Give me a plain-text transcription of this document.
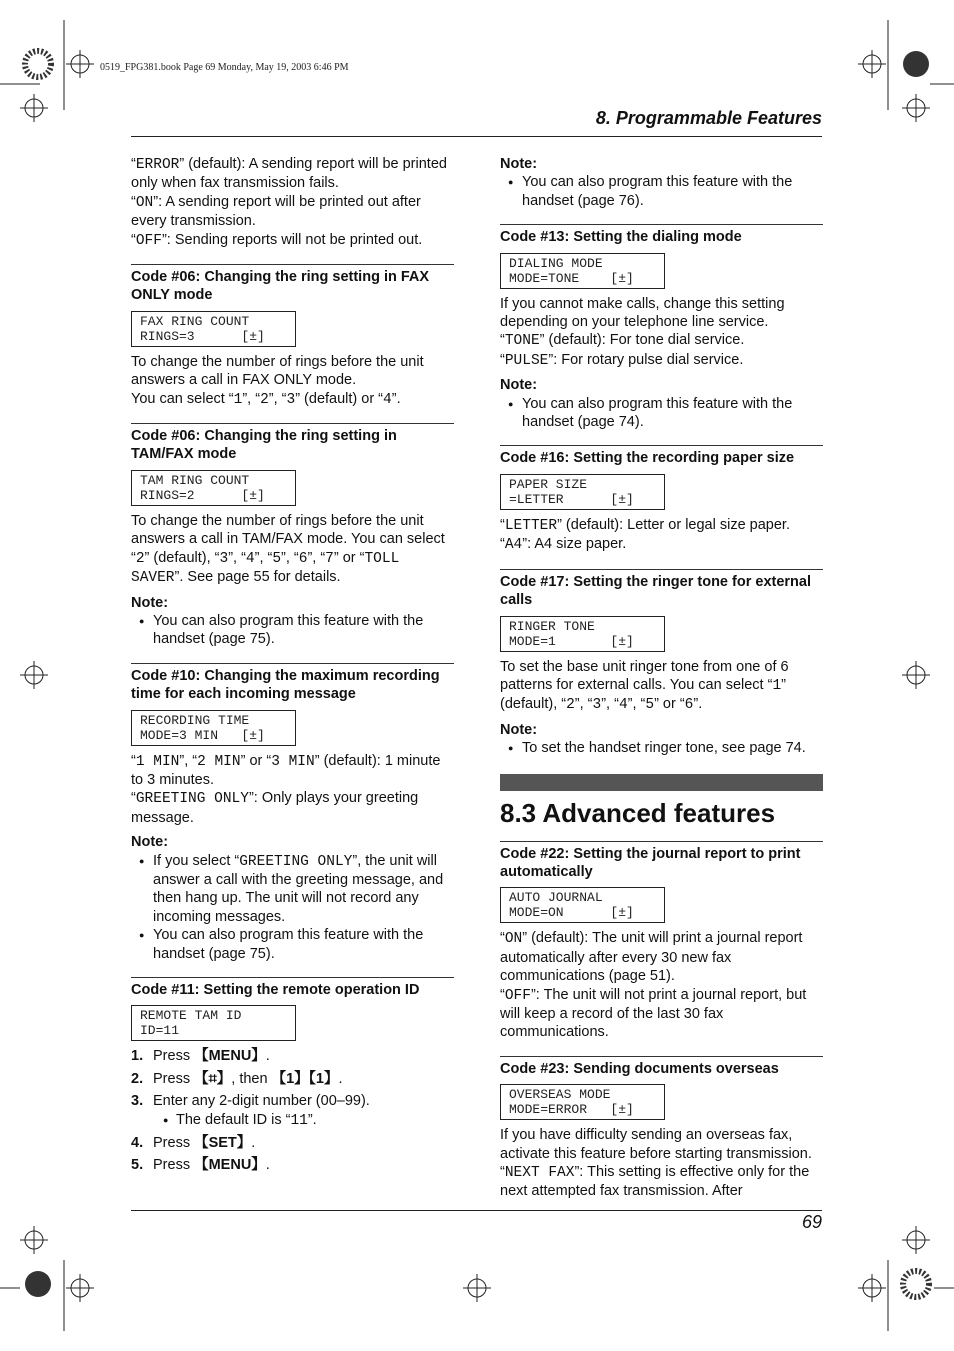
0519_FPG381.book Page 69 Monday, May 19, 2003 6:46 PM
8. Programmable Features

“ERROR” (default): A sending report will be printed only when fax transmission fails.

“ON”: A sending report will be printed out after every transmission.

“OFF”: Sending reports will not be printed out.

Code #06: Changing the ring setting in FAX ONLY mode
FAX RING COUNT
RINGS=3      [±]

To change the number of rings before the unit answers a call in FAX ONLY mode.

You can select “1”, “2”, “3” (default) or “4”.

Code #06: Changing the ring setting in TAM/FAX mode
TAM RING COUNT
RINGS=2      [±]

To change the number of rings before the unit answers a call in TAM/FAX mode. You can select “2” (default), “3”, “4”, “5”, “6”, “7” or “TOLL SAVER”. See page 55 for details.

Note:
● You can also program this feature with the handset (page 75).
Code #10: Changing the maximum recording time for each incoming message
RECORDING TIME
MODE=3 MIN   [±]

“1 MIN”, “2 MIN” or “3 MIN” (default): 1 minute to 3 minutes.

“GREETING ONLY”: Only plays your greeting message.

Note:
● If you select “GREETING ONLY”, the unit will answer a call with the greeting message, and then hang up. The unit will not record any incoming messages.
● You can also program this feature with the handset (page 75).
Code #11: Setting the remote operation ID
REMOTE TAM ID
ID=11
1. Press 【MENU】.
2. Press 【⌗】, then 【1】【1】.
3. Enter any 2-digit number (00–99).
● The default ID is “11”.
4. Press 【SET】.
5. Press 【MENU】.
Note:
● You can also program this feature with the handset (page 76).
Code #13: Setting the dialing mode
DIALING MODE
MODE=TONE    [±]

If you cannot make calls, change this setting depending on your telephone line service.

“TONE” (default): For tone dial service.

“PULSE”: For rotary pulse dial service.

Note:
● You can also program this feature with the handset (page 74).
Code #16: Setting the recording paper size
PAPER SIZE
=LETTER      [±]

“LETTER” (default): Letter or legal size paper.

“A4”: A4 size paper.

Code #17: Setting the ringer tone for external calls
RINGER TONE
MODE=1       [±]

To set the base unit ringer tone from one of 6 patterns for external calls. You can select “1” (default), “2”, “3”, “4”, “5” or “6”.

Note:
● To set the handset ringer tone, see page 74.
8.3 Advanced features
Code #22: Setting the journal report to print automatically
AUTO JOURNAL
MODE=ON      [±]

“ON” (default): The unit will print a journal report automatically after every 30 new fax communications (page 51).

“OFF”: The unit will not print a journal report, but will keep a record of the last 30 fax communications.

Code #23: Sending documents overseas
OVERSEAS MODE
MODE=ERROR   [±]

If you have difficulty sending an overseas fax, activate this feature before starting transmission.

“NEXT FAX”: This setting is effective only for the next attempted fax transmission. After

69
